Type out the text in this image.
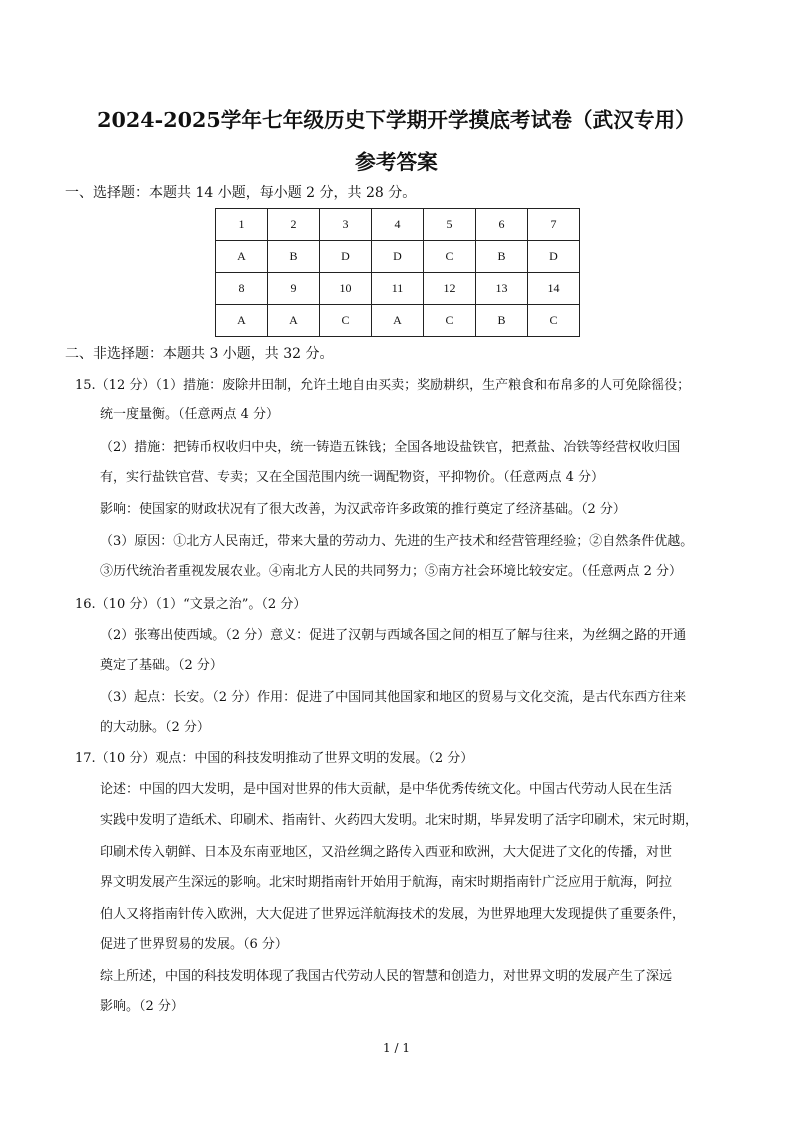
2024-2025学年七年级历史下学期开学摸底考试卷（武汉专用）
参考答案
一、选择题：本题共 14 小题，每小题 2 分，共 28 分。
1	2	3	4	5	6	7
A	B	D	D	C	B	D
8	9	10	11	12	13	14
A	A	C	A	C	B	C
二、非选择题：本题共 3 小题，共 32 分。
15.（12 分）（1）措施：废除井田制，允许土地自由买卖；奖励耕织，生产粮食和布帛多的人可免除徭役；
统一度量衡。（任意两点 4 分）
（2）措施：把铸币权收归中央，统一铸造五铢钱；全国各地设盐铁官，把煮盐、冶铁等经营权收归国
有，实行盐铁官营、专卖；又在全国范围内统一调配物资，平抑物价。（任意两点 4 分）
影响：使国家的财政状况有了很大改善，为汉武帝许多政策的推行奠定了经济基础。（2 分）
（3）原因：①北方人民南迁，带来大量的劳动力、先进的生产技术和经营管理经验；②自然条件优越。
③历代统治者重视发展农业。④南北方人民的共同努力；⑤南方社会环境比较安定。（任意两点 2 分）
16.（10 分）（1）“文景之治”。（2 分）
（2）张骞出使西域。（2 分）意义：促进了汉朝与西域各国之间的相互了解与往来，为丝绸之路的开通
奠定了基础。（2 分）
（3）起点：长安。（2 分）作用：促进了中国同其他国家和地区的贸易与文化交流，是古代东西方往来
的大动脉。（2 分）
17.（10 分）观点：中国的科技发明推动了世界文明的发展。（2 分）
论述：中国的四大发明，是中国对世界的伟大贡献，是中华优秀传统文化。中国古代劳动人民在生活
实践中发明了造纸术、印刷术、指南针、火药四大发明。北宋时期，毕昇发明了活字印刷术，宋元时期，
印刷术传入朝鲜、日本及东南亚地区，又沿丝绸之路传入西亚和欧洲，大大促进了文化的传播，对世
界文明发展产生深远的影响。北宋时期指南针开始用于航海，南宋时期指南针广泛应用于航海，阿拉
伯人又将指南针传入欧洲，大大促进了世界远洋航海技术的发展，为世界地理大发现提供了重要条件，
促进了世界贸易的发展。（6 分）
综上所述，中国的科技发明体现了我国古代劳动人民的智慧和创造力，对世界文明的发展产生了深远
影响。（2 分）
1 / 1
